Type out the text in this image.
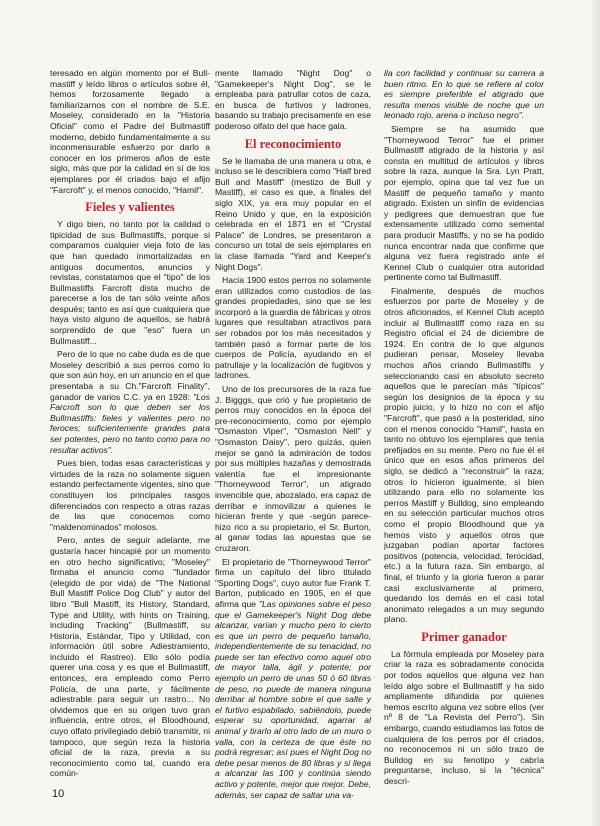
teresado en algún momento por el Bullmastiff y leído libros o artículos sobre él, hemos forzosamente llegado a familiarizarnos con el nombre de S.E. Moseley, considerado en la "Historia Oficial" como el Padre del Bullmastiff moderno, debido fundamentalmente a su inconmensurable esfuerzo por darlo a conocer en los primeros años de este siglo, más que por la calidad en sí de los ejemplares por él criados bajo el afijo "Farcroft" y, el menos conocido, "Hamil".

Fieles y valientes

Y digo bien, no tanto por la calidad o tipicidad de sus Bullmastiffs, porque si comparamos cualquier vieja foto de las que han quedado inmortalizadas en antiguos documentos, anuncios y revistas, constatamos que el "tipo" de los Bullmastiffs Farcroft dista mucho de parecerse a los de tan sólo veinte años después; tanto es así que cualquiera que haya visto alguno de aquellos, se habrá sorprendido de que "eso" fuera un Bullmastiff...

Pero de lo que no cabe duda es de que Moseley describió a sus perros como lo que son aún hoy, en un anuncio en el que presentaba a su Ch."Farcroft Finality", ganador de varios C.C. ya en 1928: "Los Farcroft son lo que deben ser los Bullmastiffs: fieles y valientes pero no feroces; suficientemente grandes para ser potentes, pero no tanto como para no resultar activos".

Pues bien, todas esas características y virtudes de la raza no solamente siguen estando perfectamente vigentes, sino que constituyen los principales rasgos diferenciados con respecto a otras razas de las que conocemos como "maldenominados" molosos.

Pero, antes de seguir adelante, me gustaría hacer hincapié por un momento en otro hecho significativo; "Moseley" firmaba el anuncio como "fundador (elegido de por vida) de "The National Bull Mastiff Police Dog Club" y autor del libro "Bull Mastiff, its History, Standard, Type and Utility, with hints on Training, including Tracking" (Bullmastiff, su Historia, Estándar, Tipo y Utilidad, con información útil sobre Adiestramiento, incluido el Rastreo). Ello sólo podía querer una cosa y es que el Bullmastiff, entonces, era empleado como Perro Policía, de una parte, y fácilmente adiestrable para seguir un rastro... No olvidemos que en su origen tuvo gran influencia, entre otros, el Bloodhound, cuyo olfato privilegiado debió transmitir, ni tampoco, que según reza la historia oficial de la raza, previa a su reconocimiento como tal, cuando era común-

mente llamado "Night Dog" o "Gamekeeper's Night Dog", se le empleaba para patrullar cotos de caza, en busca de furtivos y ladrones, basando su trabajo precisamente en ese poderoso olfato del que hace gala.

El reconocimiento

Se le llamaba de una manera u otra, e incluso se le describiera como "Half bred Bull and Mastiff" (mestizo de Bull y Mastiff), el caso es que, a finales del siglo XIX, ya era muy popular en el Reino Unido y que, en la exposición celebrada en el 1871 en el "Crystal Palace" de Londres, se presentaron a concurso un total de seis ejemplares en la clase llamada "Yard and Keeper's Night Dogs".

Hacia 1900 estos perros no solamente eran utilizados como custodios de las grandes propiedades, sino que se les incorporó a la guardia de fábricas y otros lugares que resultaban atractivos para ser robados por los más necesitados y también pasó a formar parte de los cuerpos de Policía, ayudando en el patrullaje y la localización de fugitivos y ladrones.

Uno de los precursores de la raza fue J. Bigggs, que crió y fue propietario de perros muy conocidos en la época del pre-reconocimiento, como por ejemplo "Osmaston Viper", "Osmaston Nell" y "Osmaston Daisy", pero quizás, quien mejor se ganó la admiración de todos por sus múltiples hazañas y demostrada valentía fue el impresionante "Thorneywood Terror", un atigrado invencible que, abozalado, era capaz de derribar e inmovilizar a quienes le hicieran frente y que -según parece- hizo rico a su propietario, el Sr. Burton, al ganar todas las apuestas que se cruzaron.

El propietario de "Thorneywood Terror" firma un capítulo del libro titulado "Sporting Dogs", cuyo autor fue Frank T. Barton, publicado en 1905, en el que afirma que "Las opiniones sobre el peso que el Gamekeeper's Night Dog debe alcanzar, varían y mucho pero lo cierto es que un perro de pequeño tamaño, independientemente de su tenacidad, no puede ser tan efectivo como aquel otro de mayor talla, ágil y potente; por ejemplo un perro de unas 50 ó 60 libras de peso, no puede de manera ninguna derribar al hombre sobre el que salte y el furtivo espabilado, sabiéndolo, puede esperar su oportunidad, agarrar al animal y tirarlo al otro lado de un muro o valla, con la certeza de que éste no podrá regresar; así pues el Night Dog no debe pesar menos de 80 libras y si llega a alcanzar las 100 y continúa siendo activo y potente, mejor que mejor. Debe, además, ser capaz de saltar una va-

lla con facilidad y continuar su carrera a buen ritmo. En lo que se refiere al color es siempre preferible el atigrado que resulta menos visible de noche que un leonado rojo, arena o incluso negro".

Siempre se ha asumido que "Thorneywood Terror" fue el primer Bullmastiff atigrado de la historia y así consta en multitud de artículos y libros sobre la raza, aunque la Sra. Lyn Pratt, por ejemplo, opina que tal vez fue un Mastiff de pequeño tamaño y manto atigrado. Existen un sinfín de evidencias y pedigrees que demuestran que fue extensamente utilizado como semental para producir Mastiffs, y no se ha podido nunca encontrar nada que confirme que alguna vez fuera registrado ante el Kennel Club o cualquier otra autoridad pertinente como tal Bullmastiff.

Finalmente, después de muchos esfuerzos por parte de Moseley y de otros aficionados, el Kennel Club aceptó incluir al Bullmastiff como raza en su Registro oficial el 24 de diciembre de 1924. En contra de lo que algunos pudieran pensar, Moseley llevaba muchos años criando Bullmastiffs y seleccionando casi en absoluto secreto aquellos que le parecían más "típicos" según los designios de la época y su propio juicio, y lo hizo no con el afijo "Farcroft", que pasó a la posteridad, sino con el menos conocido "Hamil", hasta en tanto no obtuvo los ejemplares que tenía prefijados en su mente. Pero no fue él el único que en esos años primeros del siglo, se dedicó a "reconstruir" la raza; otros lo hicieron igualmente, si bien utilizando para ello no solamente los perros Mastiff y Bulldog, sino empleando en su selección particular muchos otros como el propio Bloodhound que ya hemos visto y aquellos otros que juzgaban podían aportar factores positivos (potencia, velocidad, ferocidad, etc.) a la futura raza. Sin embargo, al final, el triunfo y la gloria fueron a parar casi exclusivamente al primero, quedando los demás en el casi total anonimato relegados a un muy segundo plano.

Primer ganador

La fórmula empleada por Moseley para criar la raza es sobradamente conocida por todos aquellos que alguna vez han leído algo sobre el Bullmastiff y ha sido ampliamente difundida por quienes hemos escrito alguna vez sobre ellos (ver nº 8 de "La Revista del Perro"). Sin embargo, cuando estudiamos las fotos de cualquiera de los perros por él criados, no reconocemos ni un sólo trazo de Bulldog en su fenotipo y cabría preguntarse, incluso, si la "técnica" descri-

10
